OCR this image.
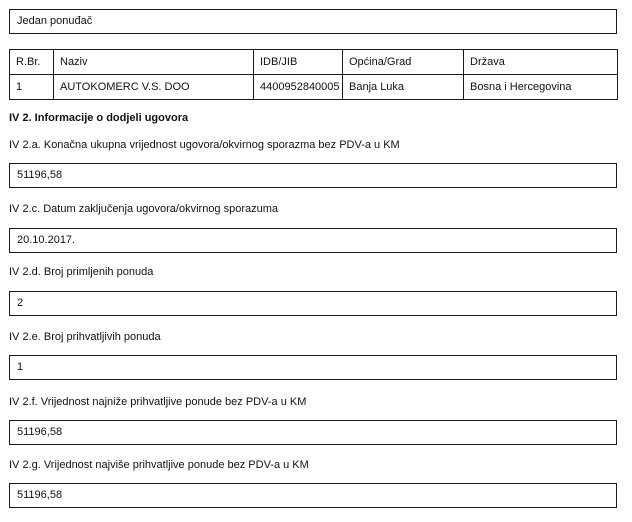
Jedan ponuđač
R.Br.	Naziv	IDB/JIB	Općina/Grad	Država
1	AUTOKOMERC V.S. DOO	4400952840005	Banja Luka	Bosna i Hercegovina
IV 2. Informacije o dodjeli ugovora
IV 2.a. Konačna ukupna vrijednost ugovora/okvirnog sporazma bez PDV-a u KM
51196,58
IV 2.c. Datum zaključenja ugovora/okvirnog sporazuma
20.10.2017.
IV 2.d. Broj primljenih ponuda
2
IV 2.e. Broj prihvatljivih ponuda
1
IV 2.f. Vrijednost najniže prihvatljive ponude bez PDV-a u KM
51196,58
IV 2.g. Vrijednost najviše prihvatljive ponude bez PDV-a u KM
51196,58
